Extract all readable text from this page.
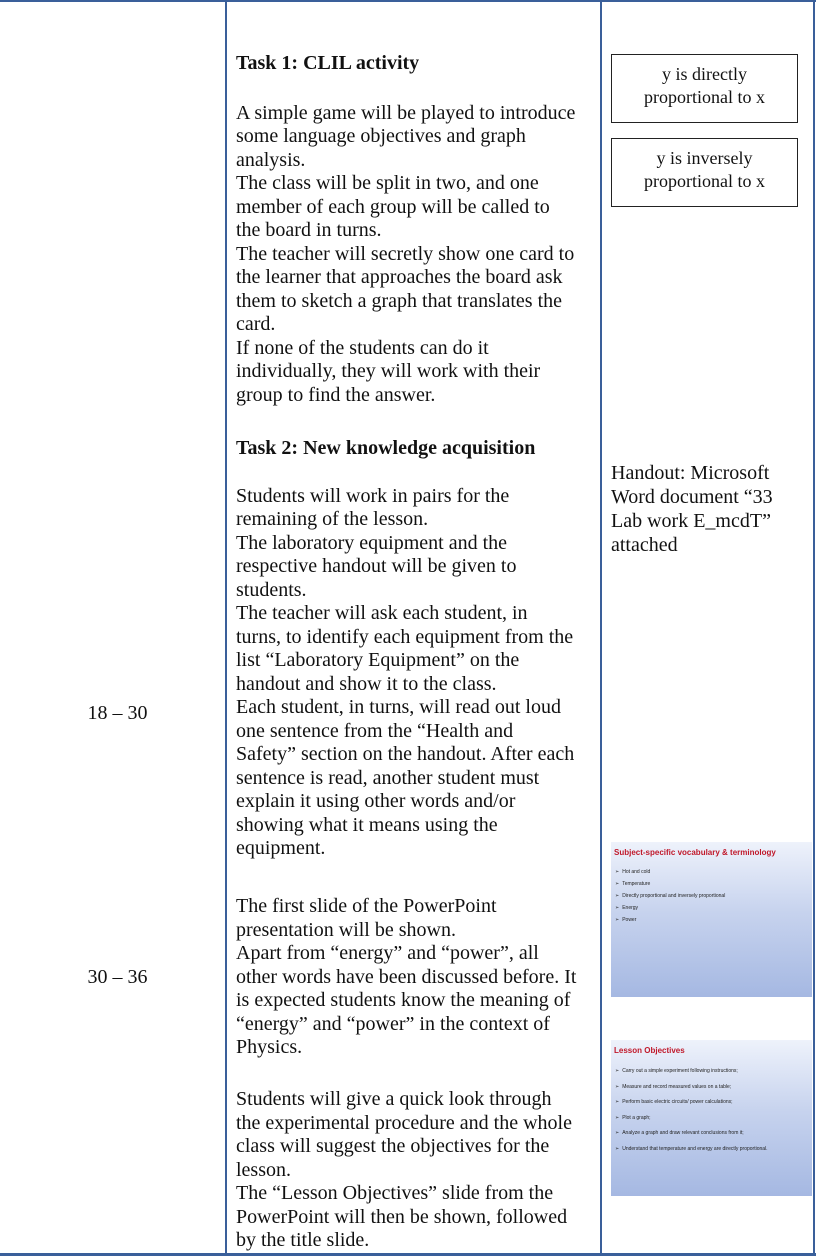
18 – 30
30 – 36

Task 1: CLIL activity

A simple game will be played to introduce

some language objectives and graph

analysis.

The class will be split in two, and one

member of each group will be called to

the board in turns.

The teacher will secretly show one card to

the learner that approaches the board ask

them to sketch a graph that translates the

card.

If none of the students can do it

individually, they will work with their

group to find the answer.

Task 2: New knowledge acquisition

Students will work in pairs for the

remaining of the lesson.

The laboratory equipment and the

respective handout will be given to

students.

The teacher will ask each student, in

turns, to identify each equipment from the

list “Laboratory Equipment” on the

handout and show it to the class.

Each student, in turns, will read out loud

one sentence from the “Health and

Safety” section on the handout. After each

sentence is read, another student must

explain it using other words and/or

showing what it means using the

equipment.

The first slide of the PowerPoint

presentation will be shown.

Apart from “energy” and “power”, all

other words have been discussed before. It

is expected students know the meaning of

“energy” and “power” in the context of

Physics.

Students will give a quick look through

the experimental procedure and the whole

class will suggest the objectives for the

lesson.

The “Lesson Objectives” slide from the

PowerPoint will then be shown, followed

by the title slide.

y is directly
proportional to x
y is inversely
proportional to x
Handout: Microsoft
Word document “33
Lab work E_mcdT”
attached
Subject-specific vocabulary & terminology
➢ Hot and cold
➢ Temperature
➢ Directly proportional and inversely proportional
➢ Energy
➢ Power
Lesson Objectives
➢ Carry out a simple experiment following instructions;
➢ Measure and record measured values on a table;
➢ Perform basic electric circuits/ power calculations;
➢ Plot a graph;
➢ Analyze a graph and draw relevant conclusions from it;
➢ Understand that temperature and energy are directly proportional.
